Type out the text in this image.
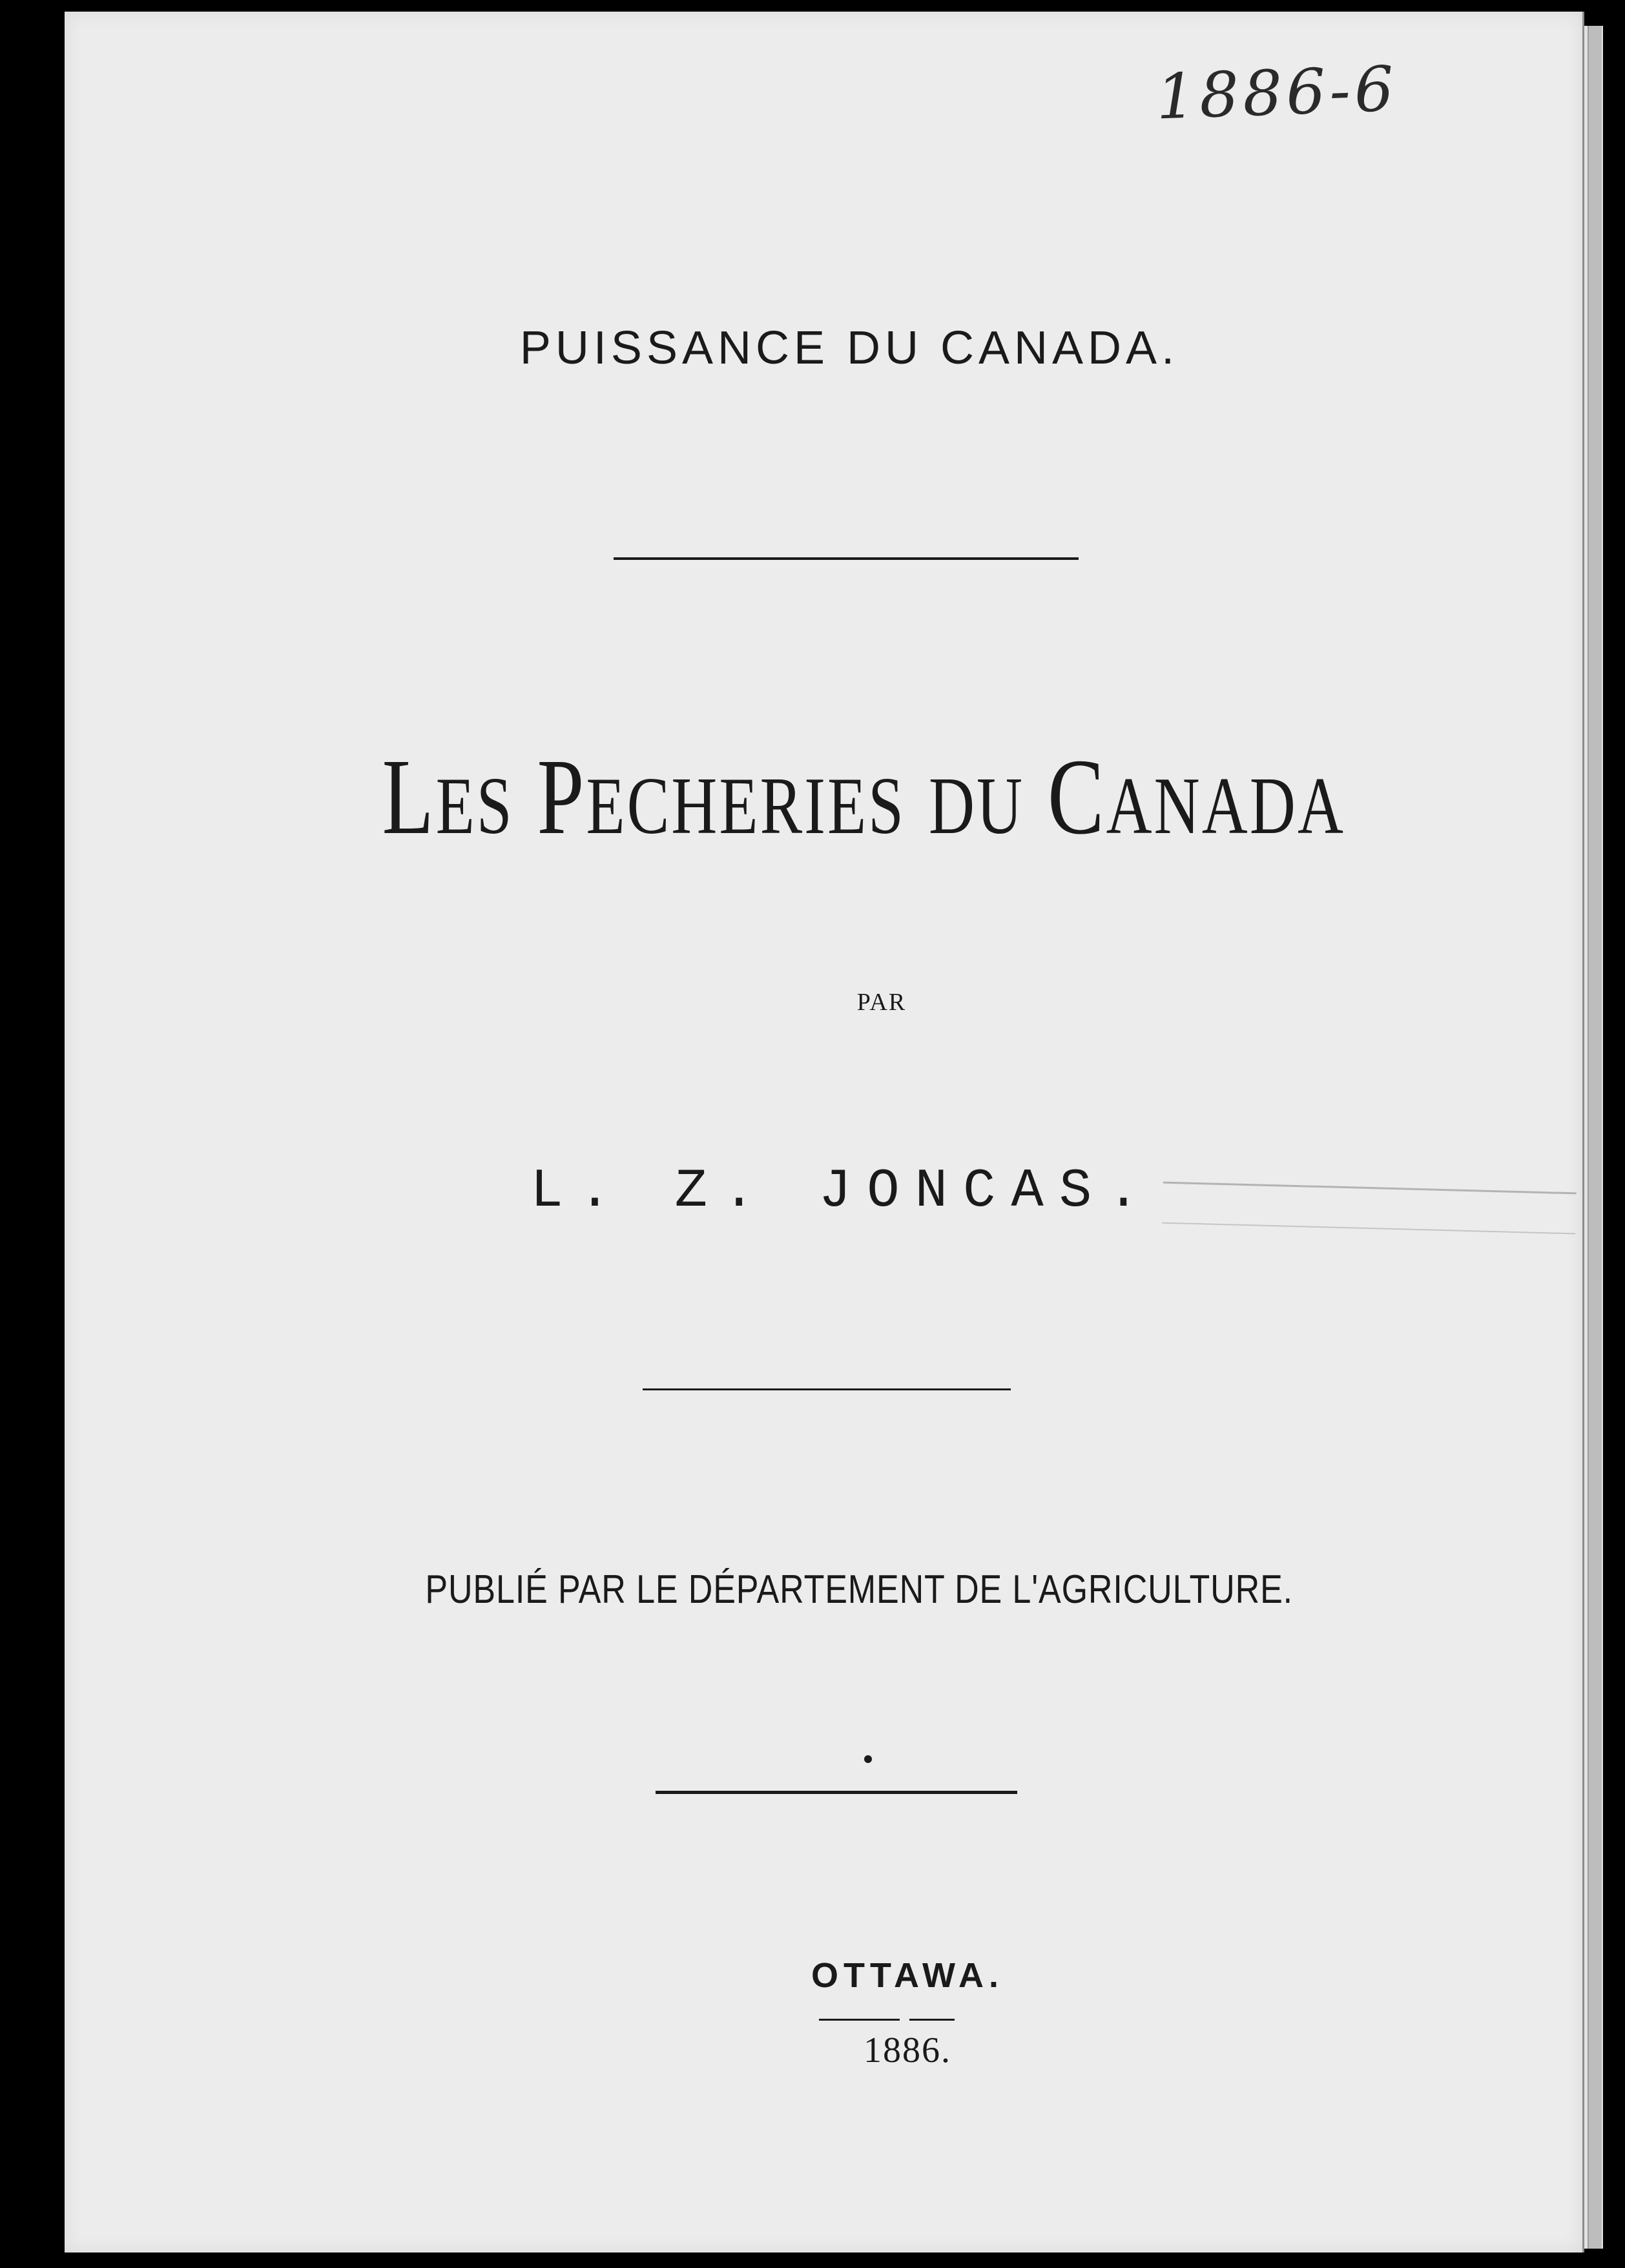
1886-6
PUISSANCE DU CANADA.
LES PECHERIES DU CANADA
PAR
L. Z. JONCAS.
PUBLIÉ PAR LE DÉPARTEMENT DE L'AGRICULTURE.
OTTAWA.
1886.
